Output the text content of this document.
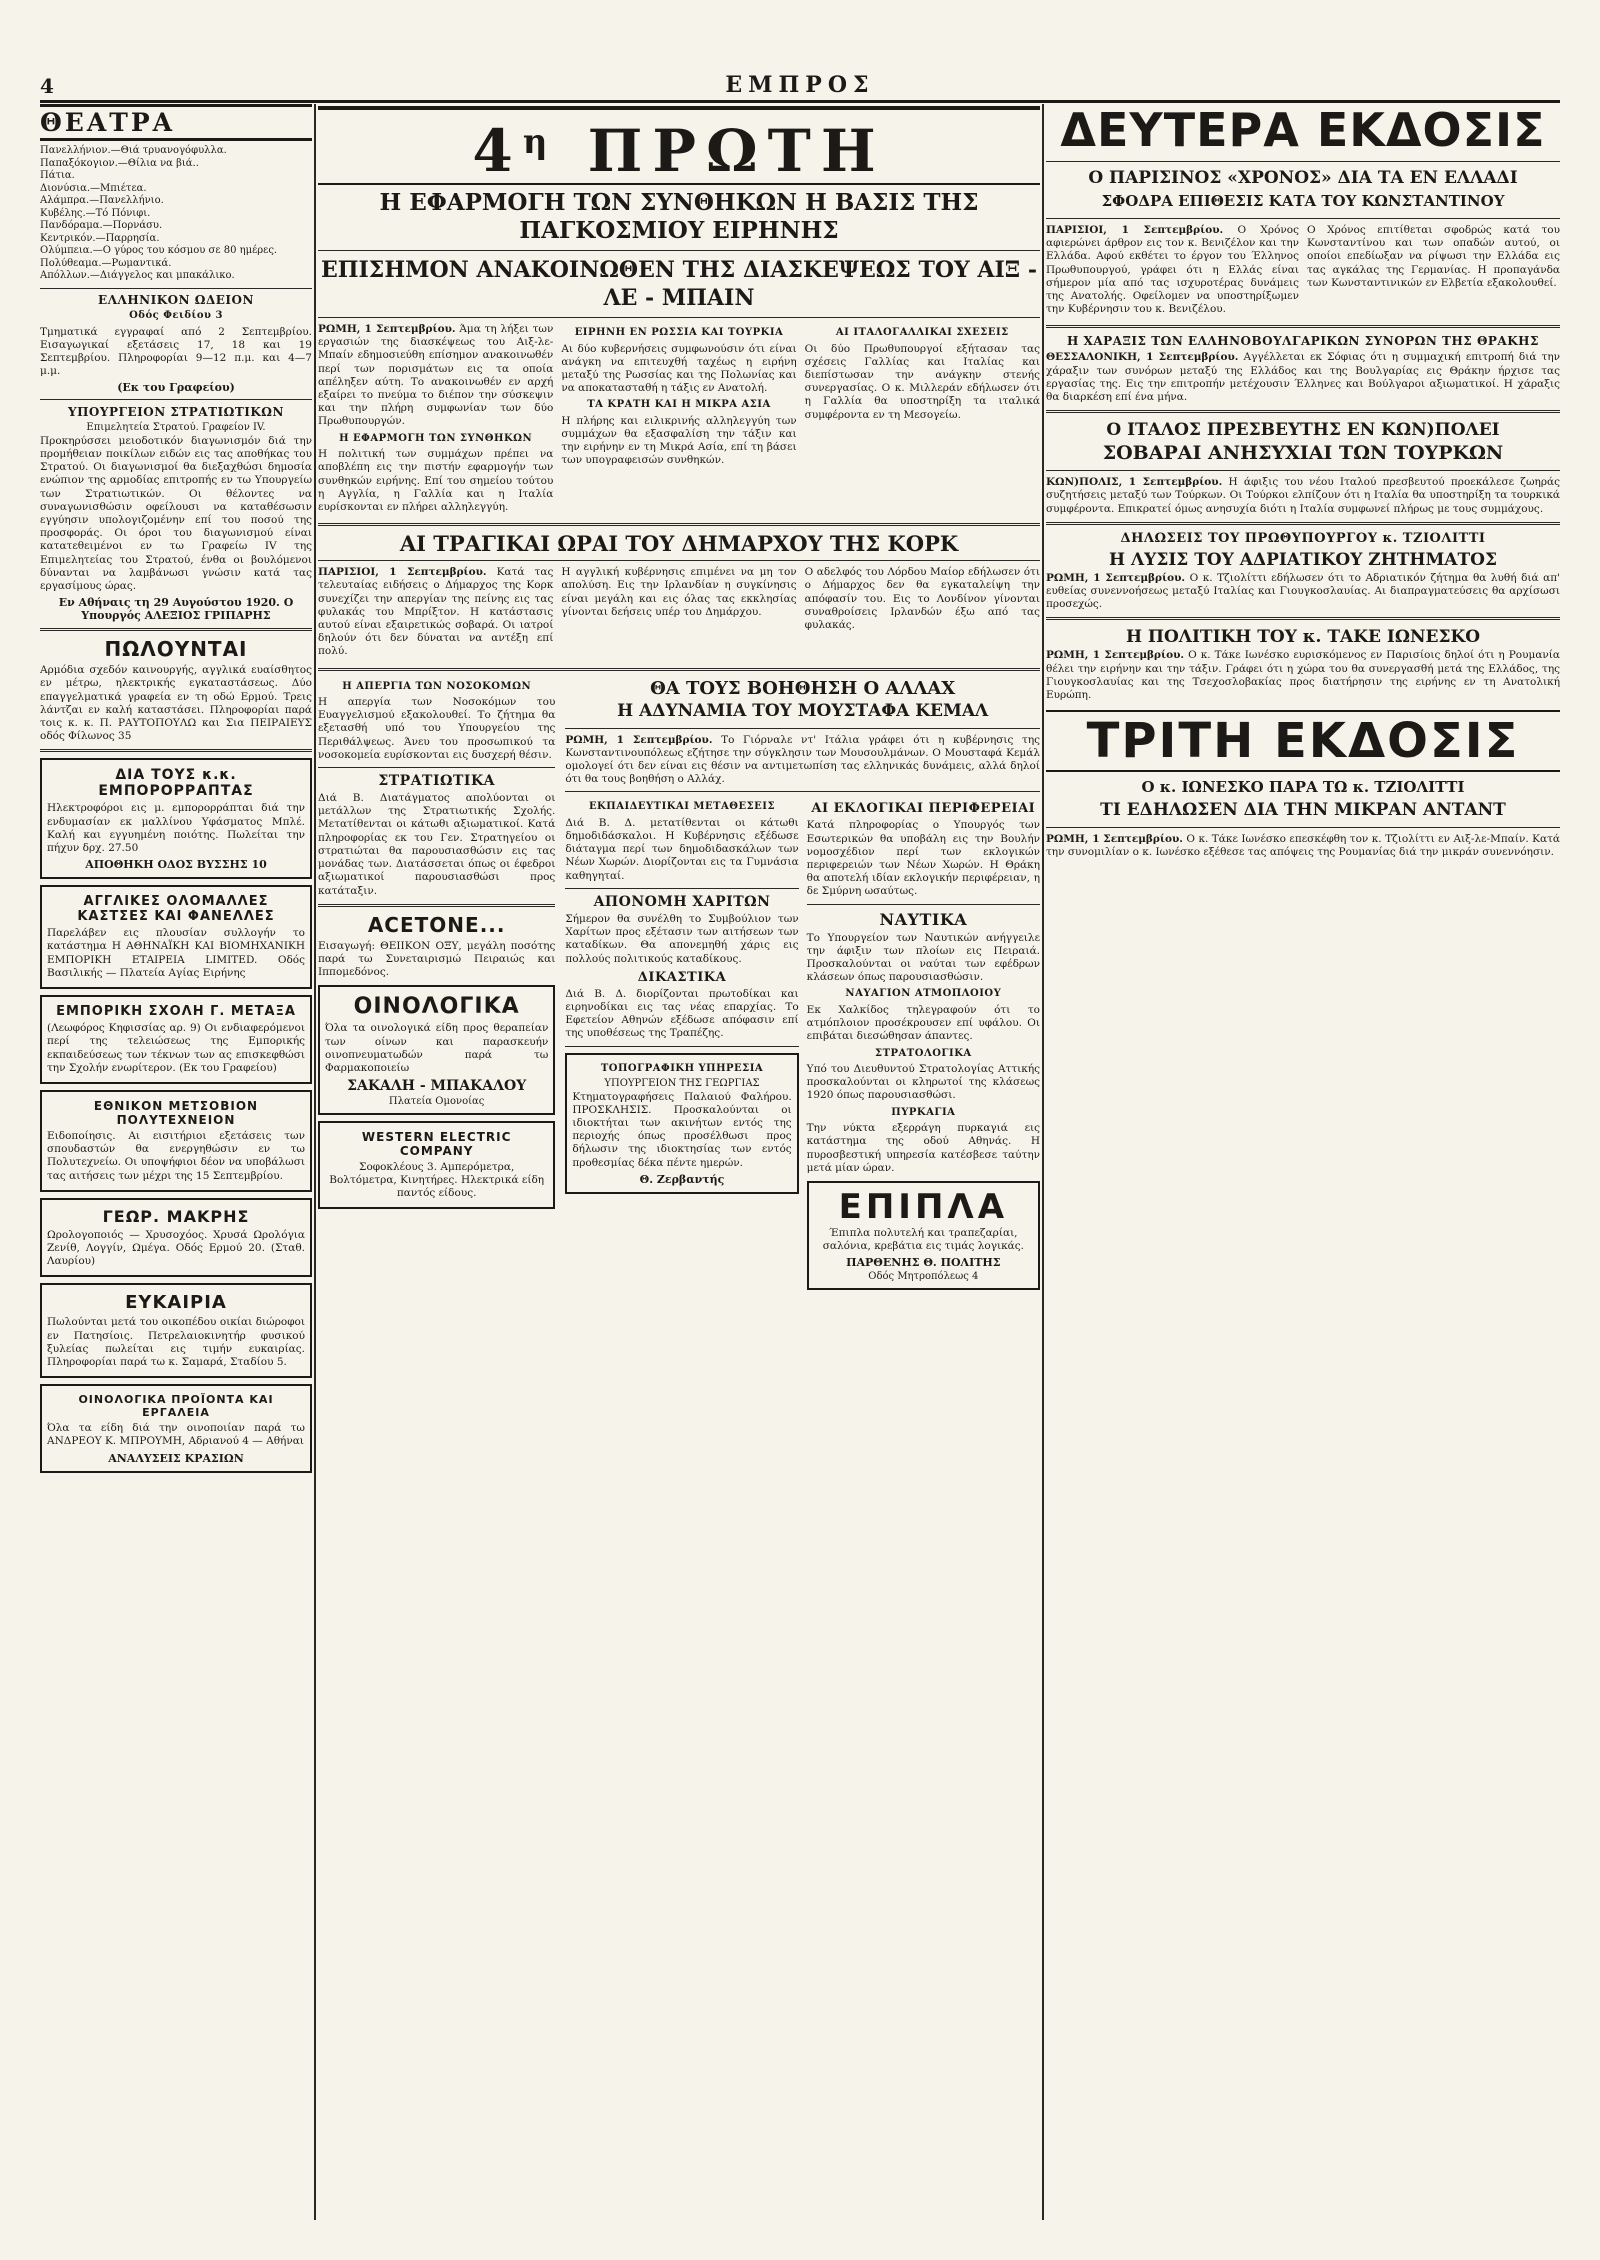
4	ΕΜΠΡΟΣ
ΘΕΑΤΡΑ
Πανελλήνιον.—Θιά τρυανογόφυλλα.
Παπαξόκογιον.—Θίλια να βιά..
Πάτια.
Διονύσια.—Μπιέτεα.
Αλάμπρα.—Πανελλήνιο.
Κυβέλης.—Τό Πόνιφι.
Πανδόραμα.—Πορνάσυ.
Κεντρικόν.—Παρρησία.
Ολύμπεια.—Ο γύρος του κόσμου σε 80 ημέρες.
Πολύθεαμα.—Ρωμαντικά.
Απόλλων.—Διάγγελος και μπακάλικο.
ΕΛΛΗΝΙΚΟΝ ΩΔΕΙΟΝ
Οδός Φειδίου 3

Τμηματικά εγγραφαί από 2 Σεπτεμβρίου. Εισαγωγικαί εξετάσεις 17, 18 και 19 Σεπτεμβρίου. Πληροφορίαι 9—12 π.μ. και 4—7 μ.μ.

(Εκ του Γραφείου)
ΥΠΟΥΡΓΕΙΟΝ ΣΤΡΑΤΙΩΤΙΚΩΝ
Επιμελητεία Στρατού. Γραφείον IV.

Προκηρύσσει μειοδοτικόν διαγωνισμόν διά την προμήθειαν ποικίλων ειδών εις τας αποθήκας του Στρατού. Οι διαγωνισμοί θα διεξαχθώσι δημοσία ενώπιον της αρμοδίας επιτροπής εν τω Υπουργείω των Στρατιωτικών. Οι θέλοντες να συναγωνισθώσιν οφείλουσι να καταθέσωσιν εγγύησιν υπολογιζομένην επί του ποσού της προσφοράς. Οι όροι του διαγωνισμού είναι κατατεθειμένοι εν τω Γραφείω IV της Επιμελητείας του Στρατού, ένθα οι βουλόμενοι δύνανται να λαμβάνωσι γνώσιν κατά τας εργασίμους ώρας.

Εν Αθήναις τη 29 Αυγούστου 1920. Ο Υπουργός ΑΛΕΞΙΟΣ ΓΡΙΠΑΡΗΣ
ΠΩΛΟΥΝΤΑΙ

Αρμόδια σχεδόν καινουργής, αγγλικά ευαίσθητος εν μέτρω, ηλεκτρικής εγκαταστάσεως. Δύο επαγγελματικά γραφεία εν τη οδώ Ερμού. Τρεις λάντζαι εν καλή καταστάσει. Πληροφορίαι παρά τοις κ. κ. Π. ΡΑΥΤΟΠΟΥΛΩ και Σια ΠΕΙΡΑΙΕΥΣ οδός Φίλωνος 35

ΔΙΑ ΤΟΥΣ κ.κ. ΕΜΠΟΡΟΡΡΑΠΤΑΣ

Ηλεκτροφόροι εις μ. εμπορορράπται διά την ενδυμασίαν εκ μαλλίνου Υφάσματος Μπλέ. Καλή και εγγυημένη ποιότης. Πωλείται την πήχυν δρχ. 27.50

ΑΠΟΘΗΚΗ ΟΔΟΣ ΒΥΣΣΗΣ 10
ΑΓΓΛΙΚΕΣ ΟΛΟΜΑΛΛΕΣ ΚΑΣΤΣΕΣ ΚΑΙ ΦΑΝΕΛΛΕΣ

Παρελάβεν εις πλουσίαν συλλογήν το κατάστημα Η ΑΘΗΝΑΪΚΗ ΚΑΙ ΒΙΟΜΗΧΑΝΙΚΗ ΕΜΠΟΡΙΚΗ ΕΤΑΙΡΕΙΑ LIMITED. Οδός Βασιλικής — Πλατεία Αγίας Ειρήνης

ΕΜΠΟΡΙΚΗ ΣΧΟΛΗ Γ. ΜΕΤΑΞΑ

(Λεωφόρος Κηφισσίας αρ. 9) Οι ενδιαφερόμενοι περί της τελειώσεως της Εμπορικής εκπαιδεύσεως των τέκνων των ας επισκεφθώσι την Σχολήν ενωρίτερον. (Εκ του Γραφείου)

ΕΘΝΙΚΟΝ ΜΕΤΣΟΒΙΟΝ ΠΟΛΥΤΕΧΝΕΙΟΝ

Ειδοποίησις. Αι εισιτήριοι εξετάσεις των σπουδαστών θα ενεργηθώσιν εν τω Πολυτεχνείω. Οι υποψήφιοι δέον να υποβάλωσι τας αιτήσεις των μέχρι της 15 Σεπτεμβρίου.

ΓΕΩΡ. ΜΑΚΡΗΣ

Ωρολογοποιός — Χρυσοχόος. Χρυσά Ωρολόγια Ζενίθ, Λογγίν, Ωμέγα. Οδός Ερμού 20. (Σταθ. Λαυρίου)

ΕΥΚΑΙΡΙΑ

Πωλούνται μετά του οικοπέδου οικίαι διώροφοι εν Πατησίοις. Πετρελαιοκινητήρ φυσικού ξυλείας πωλείται εις τιμήν ευκαιρίας. Πληροφορίαι παρά τω κ. Σαμαρά, Σταδίου 5.

ΟΙΝΟΛΟΓΙΚΑ ΠΡΟΪΟΝΤΑ ΚΑΙ ΕΡΓΑΛΕΙΑ

Όλα τα είδη διά την οινοποιίαν παρά τω ΑΝΔΡΕΟΥ Κ. ΜΠΡΟΥΜΗ, Αδριανού 4 — Αθήναι

ΑΝΑΛΥΣΕΙΣ ΚΡΑΣΙΩΝ
$4^\eta$ ΠΡΩΤΗ
Η ΕΦΑΡΜΟΓΗ ΤΩΝ ΣΥΝΘΗΚΩΝ Η ΒΑΣΙΣ ΤΗΣ ΠΑΓΚΟΣΜΙΟΥ ΕΙΡΗΝΗΣ
ΕΠΙΣΗΜΟΝ ΑΝΑΚΟΙΝΩΘΕΝ ΤΗΣ ΔΙΑΣΚΕΨΕΩΣ ΤΟΥ ΑΙΞ - ΛΕ - ΜΠΑΙΝ

ΡΩΜΗ, 1 Σεπτεμβρίου. Άμα τη λήξει των εργασιών της διασκέψεως του Αιξ-λε-Μπαίν εδημοσιεύθη επίσημον ανακοινωθέν περί των πορισμάτων εις τα οποία απέληξεν αύτη. Το ανακοινωθέν εν αρχή εξαίρει το πνεύμα το διέπον την σύσκεψιν και την πλήρη συμφωνίαν των δύο Πρωθυπουργών.

Η ΕΦΑΡΜΟΓΗ ΤΩΝ ΣΥΝΘΗΚΩΝ

Η πολιτική των συμμάχων πρέπει να αποβλέπη εις την πιστήν εφαρμογήν των συνθηκών ειρήνης. Επί του σημείου τούτου η Αγγλία, η Γαλλία και η Ιταλία ευρίσκονται εν πλήρει αλληλεγγύη.

ΕΙΡΗΝΗ ΕΝ ΡΩΣΣΙΑ ΚΑΙ ΤΟΥΡΚΙΑ

Αι δύο κυβερνήσεις συμφωνούσιν ότι είναι ανάγκη να επιτευχθή ταχέως η ειρήνη μεταξύ της Ρωσσίας και της Πολωνίας και να αποκατασταθή η τάξις εν Ανατολή.

ΤΑ ΚΡΑΤΗ ΚΑΙ Η ΜΙΚΡΑ ΑΣΙΑ

Η πλήρης και ειλικρινής αλληλεγγύη των συμμάχων θα εξασφαλίση την τάξιν και την ειρήνην εν τη Μικρά Ασία, επί τη βάσει των υπογραφεισών συνθηκών.

ΑΙ ΙΤΑΛΟΓΑΛΛΙΚΑΙ ΣΧΕΣΕΙΣ

Οι δύο Πρωθυπουργοί εξήτασαν τας σχέσεις Γαλλίας και Ιταλίας και διεπίστωσαν την ανάγκην στενής συνεργασίας. Ο κ. Μιλλεράν εδήλωσεν ότι η Γαλλία θα υποστηρίξη τα ιταλικά συμφέροντα εν τη Μεσογείω.

ΑΙ ΤΡΑΓΙΚΑΙ ΩΡΑΙ ΤΟΥ ΔΗΜΑΡΧΟΥ ΤΗΣ ΚΟΡΚ

ΠΑΡΙΣΙΟΙ, 1 Σεπτεμβρίου. Κατά τας τελευταίας ειδήσεις ο Δήμαρχος της Κορκ συνεχίζει την απεργίαν της πείνης εις τας φυλακάς του Μπρίξτον. Η κατάστασις αυτού είναι εξαιρετικώς σοβαρά. Οι ιατροί δηλούν ότι δεν δύναται να αντέξη επί πολύ.

Η αγγλική κυβέρνησις επιμένει να μη τον απολύση. Εις την Ιρλανδίαν η συγκίνησις είναι μεγάλη και εις όλας τας εκκλησίας γίνονται δεήσεις υπέρ του Δημάρχου.

Ο αδελφός του Λόρδου Μαίορ εδήλωσεν ότι ο Δήμαρχος δεν θα εγκαταλείψη την απόφασίν του. Εις το Λονδίνον γίνονται συναθροίσεις Ιρλανδών έξω από τας φυλακάς.

Η ΑΠΕΡΓΙΑ ΤΩΝ ΝΟΣΟΚΟΜΩΝ

Η απεργία των Νοσοκόμων του Ευαγγελισμού εξακολουθεί. Το ζήτημα θα εξετασθή υπό του Υπουργείου της Περιθάλψεως. Άνευ του προσωπικού τα νοσοκομεία ευρίσκονται εις δυσχερή θέσιν.

ΣΤΡΑΤΙΩΤΙΚΑ

Διά Β. Διατάγματος απολύονται οι μετάλλων της Στρατιωτικής Σχολής. Μετατίθενται οι κάτωθι αξιωματικοί. Κατά πληροφορίας εκ του Γεν. Στρατηγείου οι στρατιώται θα παρουσιασθώσιν εις τας μονάδας των. Διατάσσεται όπως οι έφεδροι αξιωματικοί παρουσιασθώσι προς κατάταξιν.

ACETONE...

Εισαγωγή: ΘΕΙΙΚΟΝ ΟΞΥ, μεγάλη ποσότης παρά τω Συνεταιρισμώ Πειραιώς και Ιππομεδόνος.

ΟΙΝΟΛΟΓΙΚΑ

Όλα τα οινολογικά είδη προς θεραπείαν των οίνων και παρασκευήν οινοπνευματωδών παρά τω Φαρμακοποιείω

ΣΑΚΑΛΗ - ΜΠΑΚΑΛΟΥ
Πλατεία Ομονοίας
WESTERN ELECTRIC COMPANY

Σοφοκλέους 3. Αμπερόμετρα, Βολτόμετρα, Κινητήρες. Ηλεκτρικά είδη παντός είδους.

ΘΑ ΤΟΥΣ ΒΟΗΘΗΣΗ Ο ΑΛΛΑΧ
Η ΑΔΥΝΑΜΙΑ ΤΟΥ ΜΟΥΣΤΑΦΑ ΚΕΜΑΛ

ΡΩΜΗ, 1 Σεπτεμβρίου. Το Γιόρναλε ντ' Ιτάλια γράφει ότι η κυβέρνησις της Κωνσταντινουπόλεως εζήτησε την σύγκλησιν των Μουσουλμάνων. Ο Μουσταφά Κεμάλ ομολογεί ότι δεν είναι εις θέσιν να αντιμετωπίση τας ελληνικάς δυνάμεις, αλλά δηλοί ότι θα τους βοηθήση ο Αλλάχ.

ΕΚΠΑΙΔΕΥΤΙΚΑΙ ΜΕΤΑΘΕΣΕΙΣ

Διά Β. Δ. μετατίθενται οι κάτωθι δημοδιδάσκαλοι. Η Κυβέρνησις εξέδωσε διάταγμα περί των δημοδιδασκάλων των Νέων Χωρών. Διορίζονται εις τα Γυμνάσια καθηγηταί.

ΑΠΟΝΟΜΗ ΧΑΡΙΤΩΝ

Σήμερον θα συνέλθη το Συμβούλιον των Χαρίτων προς εξέτασιν των αιτήσεων των καταδίκων. Θα απονεμηθή χάρις εις πολλούς πολιτικούς καταδίκους.

ΔΙΚΑΣΤΙΚΑ

Διά Β. Δ. διορίζονται πρωτοδίκαι και ειρηνοδίκαι εις τας νέας επαρχίας. Το Εφετείον Αθηνών εξέδωσε απόφασιν επί της υποθέσεως της Τραπέζης.

ΤΟΠΟΓΡΑΦΙΚΗ ΥΠΗΡΕΣΙΑ
ΥΠΟΥΡΓΕΙΟΝ ΤΗΣ ΓΕΩΡΓΙΑΣ

Κτηματογραφήσεις Παλαιού Φαλήρου. ΠΡΟΣΚΛΗΣΙΣ. Προσκαλούνται οι ιδιοκτήται των ακινήτων εντός της περιοχής όπως προσέλθωσι προς δήλωσιν της ιδιοκτησίας των εντός προθεσμίας δέκα πέντε ημερών.

Θ. Ζερβαντής
ΑΙ ΕΚΛΟΓΙΚΑΙ ΠΕΡΙΦΕΡΕΙΑΙ

Κατά πληροφορίας ο Υπουργός των Εσωτερικών θα υποβάλη εις την Βουλήν νομοσχέδιον περί των εκλογικών περιφερειών των Νέων Χωρών. Η Θράκη θα αποτελή ιδίαν εκλογικήν περιφέρειαν, η δε Σμύρνη ωσαύτως.

ΝΑΥΤΙΚΑ

Το Υπουργείον των Ναυτικών ανήγγειλε την άφιξιν των πλοίων εις Πειραιά. Προσκαλούνται οι ναύται των εφέδρων κλάσεων όπως παρουσιασθώσιν.

ΝΑΥΑΓΙΟΝ ΑΤΜΟΠΛΟΙΟΥ

Εκ Χαλκίδος τηλεγραφούν ότι το ατμόπλοιον προσέκρουσεν επί υφάλου. Οι επιβάται διεσώθησαν άπαντες.

ΣΤΡΑΤΟΛΟΓΙΚΑ

Υπό του Διευθυντού Στρατολογίας Αττικής προσκαλούνται οι κληρωτοί της κλάσεως 1920 όπως παρουσιασθώσι.

ΠΥΡΚΑΓΙΑ

Την νύκτα εξερράγη πυρκαγιά εις κατάστημα της οδού Αθηνάς. Η πυροσβεστική υπηρεσία κατέσβεσε ταύτην μετά μίαν ώραν.

ΕΠΙΠΛΑ

Έπιπλα πολυτελή και τραπεζαρίαι, σαλόνια, κρεβάτια εις τιμάς λογικάς.

ΠΑΡΘΕΝΗΣ Θ. ΠΟΛΙΤΗΣ
Οδός Μητροπόλεως 4
ΔΕΥΤΕΡΑ ΕΚΔΟΣΙΣ
Ο ΠΑΡΙΣΙΝΟΣ «ΧΡΟΝΟΣ» ΔΙΑ ΤΑ ΕΝ ΕΛΛΑΔΙ
ΣΦΟΔΡΑ ΕΠΙΘΕΣΙΣ ΚΑΤΑ ΤΟΥ ΚΩΝΣΤΑΝΤΙΝΟΥ

ΠΑΡΙΣΙΟΙ, 1 Σεπτεμβρίου. Ο Χρόνος αφιερώνει άρθρον εις τον κ. Βενιζέλον και την Ελλάδα. Αφού εκθέτει το έργον του Έλληνος Πρωθυπουργού, γράφει ότι η Ελλάς είναι σήμερον μία από τας ισχυροτέρας δυνάμεις της Ανατολής. Οφείλομεν να υποστηρίξωμεν την Κυβέρνησιν του κ. Βενιζέλου.

Ο Χρόνος επιτίθεται σφοδρώς κατά του Κωνσταντίνου και των οπαδών αυτού, οι οποίοι επεδίωξαν να ρίψωσι την Ελλάδα εις τας αγκάλας της Γερμανίας. Η προπαγάνδα των Κωνσταντινικών εν Ελβετία εξακολουθεί.

Η ΧΑΡΑΞΙΣ ΤΩΝ ΕΛΛΗΝΟΒΟΥΛΓΑΡΙΚΩΝ ΣΥΝΟΡΩΝ ΤΗΣ ΘΡΑΚΗΣ

ΘΕΣΣΑΛΟΝΙΚΗ, 1 Σεπτεμβρίου. Αγγέλλεται εκ Σόφιας ότι η συμμαχική επιτροπή διά την χάραξιν των συνόρων μεταξύ της Ελλάδος και της Βουλγαρίας εις Θράκην ήρχισε τας εργασίας της. Εις την επιτροπήν μετέχουσιν Έλληνες και Βούλγαροι αξιωματικοί. Η χάραξις θα διαρκέση επί ένα μήνα.

Ο ΙΤΑΛΟΣ ΠΡΕΣΒΕΥΤΗΣ ΕΝ ΚΩΝ)ΠΟΛΕΙ
ΣΟΒΑΡΑΙ ΑΝΗΣΥΧΙΑΙ ΤΩΝ ΤΟΥΡΚΩΝ

ΚΩΝ)ΠΟΛΙΣ, 1 Σεπτεμβρίου. Η άφιξις του νέου Ιταλού πρεσβευτού προεκάλεσε ζωηράς συζητήσεις μεταξύ των Τούρκων. Οι Τούρκοι ελπίζουν ότι η Ιταλία θα υποστηρίξη τα τουρκικά συμφέροντα. Επικρατεί όμως ανησυχία διότι η Ιταλία συμφωνεί πλήρως με τους συμμάχους.

ΔΗΛΩΣΕΙΣ ΤΟΥ ΠΡΩΘΥΠΟΥΡΓΟΥ κ. ΤΖΙΟΛΙΤΤΙ
Η ΛΥΣΙΣ ΤΟΥ ΑΔΡΙΑΤΙΚΟΥ ΖΗΤΗΜΑΤΟΣ

ΡΩΜΗ, 1 Σεπτεμβρίου. Ο κ. Τζιολίττι εδήλωσεν ότι το Αδριατικόν ζήτημα θα λυθή διά απ' ευθείας συνεννοήσεως μεταξύ Ιταλίας και Γιουγκοσλαυίας. Αι διαπραγματεύσεις θα αρχίσωσι προσεχώς.

Η ΠΟΛΙΤΙΚΗ ΤΟΥ κ. ΤΑΚΕ ΙΩΝΕΣΚΟ

ΡΩΜΗ, 1 Σεπτεμβρίου. Ο κ. Τάκε Ιωνέσκο ευρισκόμενος εν Παρισίοις δηλοί ότι η Ρουμανία θέλει την ειρήνην και την τάξιν. Γράφει ότι η χώρα του θα συνεργασθή μετά της Ελλάδος, της Γιουγκοσλαυίας και της Τσεχοσλοβακίας προς διατήρησιν της ειρήνης εν τη Ανατολική Ευρώπη.

ΤΡΙΤΗ ΕΚΔΟΣΙΣ
Ο κ. ΙΩΝΕΣΚΟ ΠΑΡΑ ΤΩ κ. ΤΖΙΟΛΙΤΤΙ
ΤΙ ΕΔΗΛΩΣΕΝ ΔΙΑ ΤΗΝ ΜΙΚΡΑΝ ΑΝΤΑΝΤ

ΡΩΜΗ, 1 Σεπτεμβρίου. Ο κ. Τάκε Ιωνέσκο επεσκέφθη τον κ. Τζιολίττι εν Αιξ-λε-Μπαίν. Κατά την συνομιλίαν ο κ. Ιωνέσκο εξέθεσε τας απόψεις της Ρουμανίας διά την μικράν συνεννόησιν.
